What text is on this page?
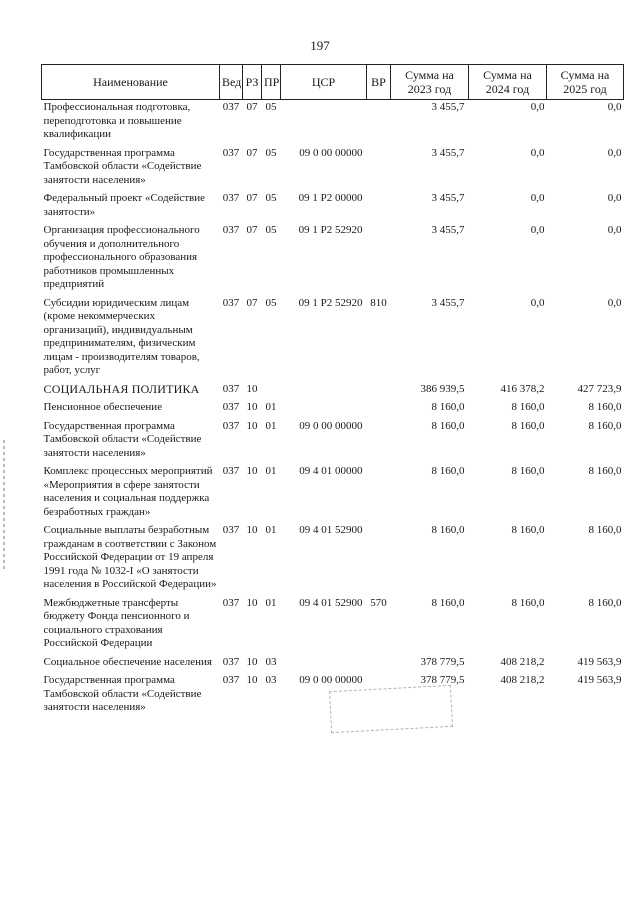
197
Наименование	Вед	РЗ	ПР	ЦСР	ВР	Сумма на 2023 год	Сумма на 2024 год	Сумма на 2025 год
Профессиональная подготовка, переподготовка и повышение квалификации	037	07	05			3 455,7	0,0	0,0
Государственная программа Тамбовской области «Содействие занятости населения»	037	07	05	09 0 00 00000		3 455,7	0,0	0,0
Федеральный проект «Содействие занятости»	037	07	05	09 1 P2 00000		3 455,7	0,0	0,0
Организация профессионального обучения и дополнительного профессионального образования работников промышленных предприятий	037	07	05	09 1 P2 52920		3 455,7	0,0	0,0
Субсидии юридическим лицам (кроме некоммерческих организаций), индивидуальным предпринимателям, физическим лицам - производителям товаров, работ, услуг	037	07	05	09 1 P2 52920	810	3 455,7	0,0	0,0
СОЦИАЛЬНАЯ ПОЛИТИКА	037	10				386 939,5	416 378,2	427 723,9
Пенсионное обеспечение	037	10	01			8 160,0	8 160,0	8 160,0
Государственная программа Тамбовской области «Содействие занятости населения»	037	10	01	09 0 00 00000		8 160,0	8 160,0	8 160,0
Комплекс процессных мероприятий «Мероприятия в сфере занятости населения и социальная поддержка безработных граждан»	037	10	01	09 4 01 00000		8 160,0	8 160,0	8 160,0
Социальные выплаты безработным гражданам в соответствии с Законом Российской Федерации от 19 апреля 1991 года № 1032-I «О занятости населения в Российской Федерации»	037	10	01	09 4 01 52900		8 160,0	8 160,0	8 160,0
Межбюджетные трансферты бюджету Фонда пенсионного и социального страхования Российской Федерации	037	10	01	09 4 01 52900	570	8 160,0	8 160,0	8 160,0
Социальное обеспечение населения	037	10	03			378 779,5	408 218,2	419 563,9
Государственная программа Тамбовской области «Содействие занятости населения»	037	10	03	09 0 00 00000		378 779,5	408 218,2	419 563,9
